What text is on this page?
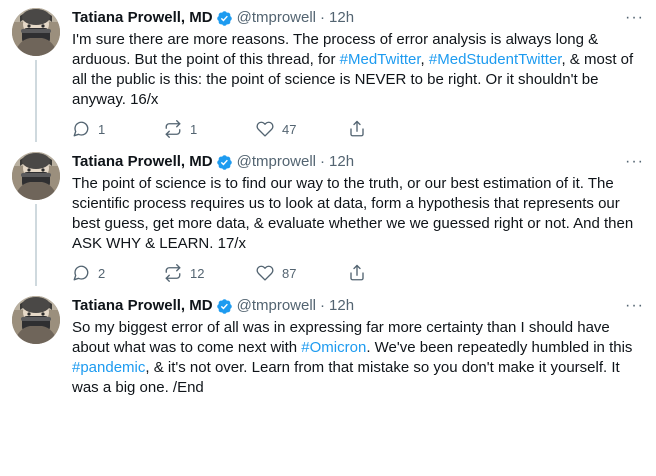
Tatiana Prowell, MD @tmprowell · 12h	···
I'm sure there are more reasons. The process of error analysis is always long & arduous. But the point of this thread, for #MedTwitter, #MedStudentTwitter, & most of all the public is this: the point of science is NEVER to be right. Or it shouldn't be anyway. 16/x
1	1	47
Tatiana Prowell, MD @tmprowell · 12h	···
The point of science is to find our way to the truth, or our best estimation of it. The scientific process requires us to look at data, form a hypothesis that represents our best guess, get more data, & evaluate whether we we guessed right or not. And then ASK WHY & LEARN. 17/x
2	12	87
Tatiana Prowell, MD @tmprowell · 12h	···
So my biggest error of all was in expressing far more certainty than I should have about what was to come next with #Omicron. We've been repeatedly humbled in this #pandemic, & it's not over. Learn from that mistake so you don't make it yourself. It was a big one. /End
